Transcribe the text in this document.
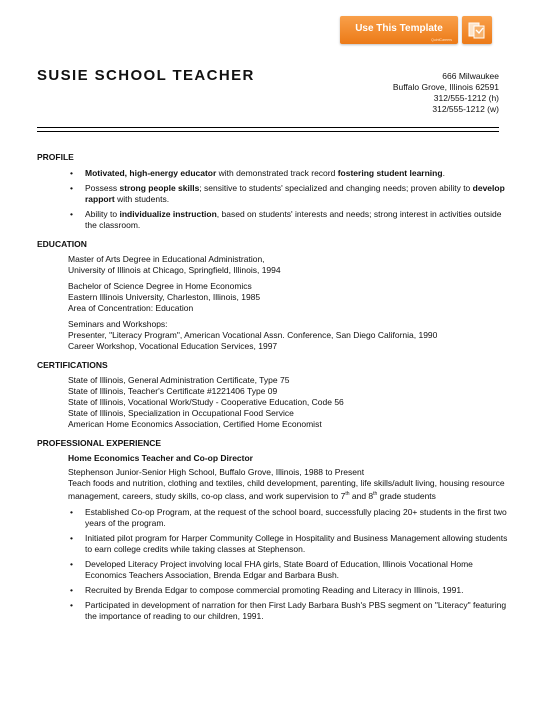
Use This Template
QuintCareers
SUSIE SCHOOL TEACHER	666 Milwaukee
Buffalo Grove, Illinois 62591
312/555-1212 (h)
312/555-1212 (w)

PROFILE

• Motivated, high-energy educator with demonstrated track record fostering student learning.
• Possess strong people skills; sensitive to students' specialized and changing needs; proven ability to develop rapport with students.
• Ability to individualize instruction, based on students' interests and needs; strong interest in activities outside the classroom.

EDUCATION

Master of Arts Degree in Educational Administration,
University of Illinois at Chicago, Springfield, Illinois, 1994
Bachelor of Science Degree in Home Economics
Eastern Illinois University, Charleston, Illinois, 1985
Area of Concentration: Education
Seminars and Workshops:
Presenter, "Literacy Program", American Vocational Assn. Conference, San Diego California, 1990
Career Workshop, Vocational Education Services, 1997

CERTIFICATIONS

State of Illinois, General Administration Certificate, Type 75
State of Illinois, Teacher's Certificate #1221406 Type 09
State of Illinois, Vocational Work/Study - Cooperative Education, Code 56
State of Illinois, Specialization in Occupational Food Service
American Home Economics Association, Certified Home Economist

PROFESSIONAL EXPERIENCE

Home Economics Teacher and Co-op Director
Stephenson Junior-Senior High School, Buffalo Grove, Illinois, 1988 to Present
Teach foods and nutrition, clothing and textiles, child development, parenting, life skills/adult living, housing resource management, careers, study skills, co-op class, and work supervision to 7th and 8th grade students
• Established Co-op Program, at the request of the school board, successfully placing 20+ students in the first two years of the program.
• Initiated pilot program for Harper Community College in Hospitality and Business Management allowing students to earn college credits while taking classes at Stephenson.
• Developed Literacy Project involving local FHA girls, State Board of Education, Illinois Vocational Home Economics Teachers Association, Brenda Edgar and Barbara Bush.
• Recruited by Brenda Edgar to compose commercial promoting Reading and Literacy in Illinois, 1991.
• Participated in development of narration for then First Lady Barbara Bush's PBS segment on "Literacy" featuring the importance of reading to our children, 1991.
